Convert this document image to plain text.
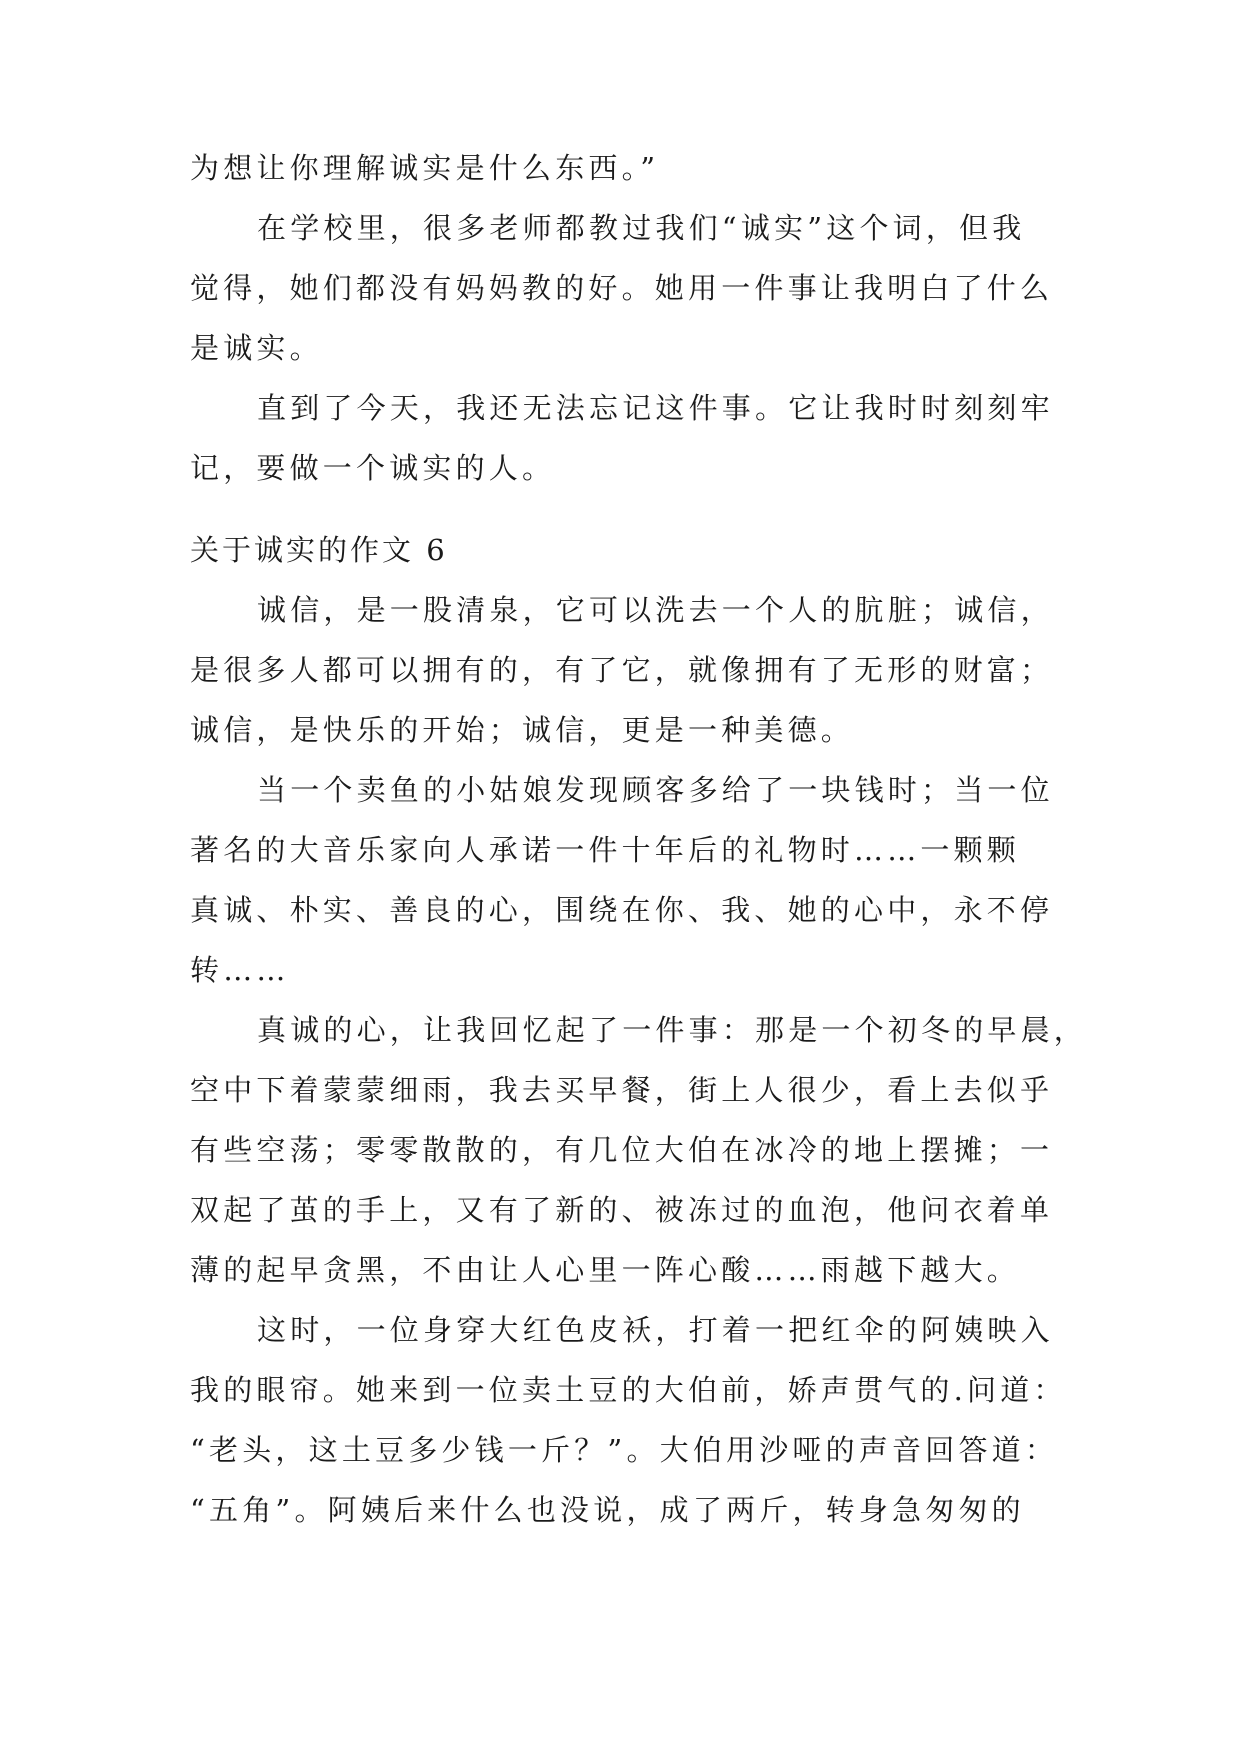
为想让你理解诚实是什么东西。”
在学校里，很多老师都教过我们“诚实”这个词，但我
觉得，她们都没有妈妈教的好。她用一件事让我明白了什么
是诚实。
直到了今天，我还无法忘记这件事。它让我时时刻刻牢
记，要做一个诚实的人。
关于诚实的作文 6
诚信，是一股清泉，它可以洗去一个人的肮脏；诚信，
是很多人都可以拥有的，有了它，就像拥有了无形的财富；
诚信，是快乐的开始；诚信，更是一种美德。
当一个卖鱼的小姑娘发现顾客多给了一块钱时；当一位
著名的大音乐家向人承诺一件十年后的礼物时……一颗颗
真诚、朴实、善良的心，围绕在你、我、她的心中，永不停
转……
真诚的心，让我回忆起了一件事：那是一个初冬的早晨，
空中下着蒙蒙细雨，我去买早餐，街上人很少，看上去似乎
有些空荡；零零散散的，有几位大伯在冰冷的地上摆摊；一
双起了茧的手上，又有了新的、被冻过的血泡，他问衣着单
薄的起早贪黑，不由让人心里一阵心酸……雨越下越大。
这时，一位身穿大红色皮袄，打着一把红伞的阿姨映入
我的眼帘。她来到一位卖土豆的大伯前，娇声贯气的.问道：
“老头，这土豆多少钱一斤？”。大伯用沙哑的声音回答道：
“五角”。阿姨后来什么也没说，成了两斤，转身急匆匆的
